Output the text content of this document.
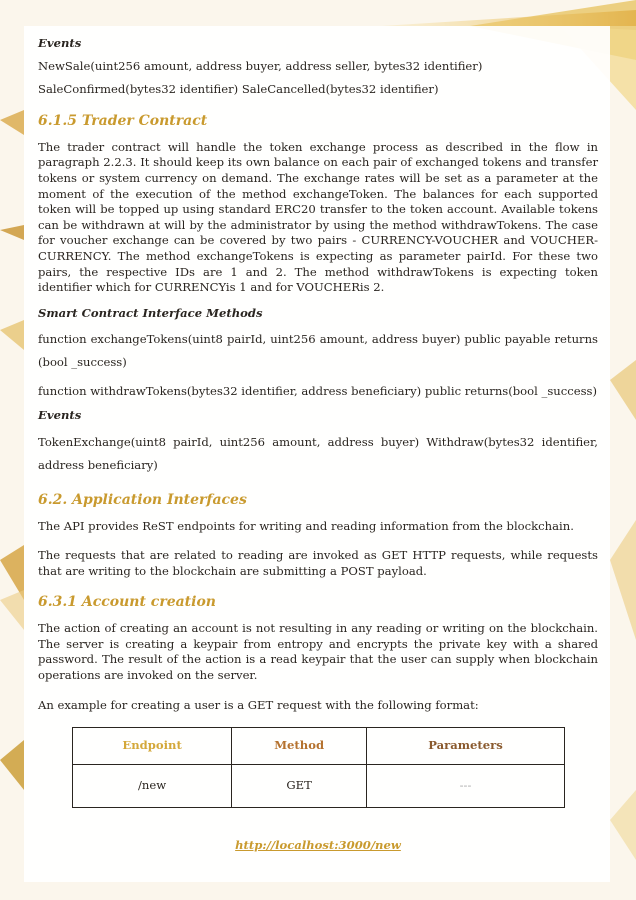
Events

NewSale(uint256 amount, address buyer, address seller, bytes32 identifier)

SaleConfirmed(bytes32 identifier) SaleCancelled(bytes32 identifier)

6.1.5 Trader Contract

The trader contract will handle the token exchange process as described in the flow in paragraph 2.2.3. It should keep its own balance on each pair of exchanged tokens and transfer tokens or system currency on demand. The exchange rates will be set as a parameter at the moment of the execution of the method exchangeToken. The balances for each supported token will be topped up using standard ERC20 transfer to the token account. Available tokens can be withdrawn at will by the administrator by using the method withdrawTokens. The case for voucher exchange can be covered by two pairs - CURRENCY-VOUCHER and VOUCHER-CURRENCY. The method exchangeTokens is expecting as parameter pairId. For these two pairs, the respective IDs are 1 and 2. The method withdrawTokens is expecting token identifier which for CURRENCYis 1 and for VOUCHERis 2.

Smart Contract Interface Methods

function exchangeTokens(uint8 pairId, uint256 amount, address buyer) public payable returns (bool _success)

function withdrawTokens(bytes32 identifier, address beneficiary) public returns(bool _success)

Events

TokenExchange(uint8 pairId, uint256 amount, address buyer) Withdraw(bytes32 identifier, address beneficiary)

6.2. Application Interfaces

The API provides ReST endpoints for writing and reading information from the blockchain.

The requests that are related to reading are invoked as GET HTTP requests, while requests that are writing to the blockchain are submitting a POST payload.

6.3.1 Account creation

The action of creating an account is not resulting in any reading or writing on the blockchain. The server is creating a keypair from entropy and encrypts the private key with a shared password. The result of the action is a read keypair that the user can supply when blockchain operations are invoked on the server.

An example for creating a user is a GET request with the following format:

Endpoint	Method	Parameters
/new	GET	---
http://localhost:3000/new
